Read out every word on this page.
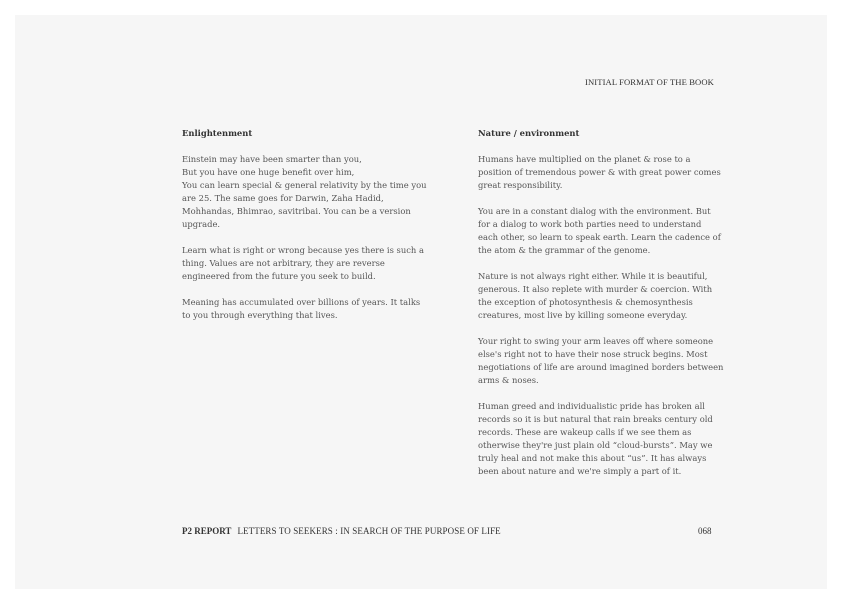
INITIAL FORMAT OF THE BOOK
Enlightenment

Einstein may have been smarter than you,
But you have one huge benefit over him,
You can learn special & general relativity by the time you are 25. The same goes for Darwin, Zaha Hadid, Mohhandas, Bhimrao, savitribai. You can be a version upgrade.

Learn what is right or wrong because yes there is such a thing. Values are not arbitrary, they are reverse engineered from the future you seek to build.

Meaning has accumulated over billions of years. It talks to you through everything that lives.

Nature / environment

Humans have multiplied on the planet & rose to a position of tremendous power & with great power comes great responsibility.

You are in a constant dialog with the environment. But for a dialog to work both parties need to understand each other, so learn to speak earth. Learn the cadence of the atom & the grammar of the genome.

Nature is not always right either. While it is beautiful, generous. It also replete with murder & coercion. With the exception of photosynthesis & chemosynthesis creatures, most live by killing someone everyday.

Your right to swing your arm leaves off where someone else's right not to have their nose struck begins. Most negotiations of life are around imagined borders between arms & noses.

Human greed and individualistic pride has broken all records so it is but natural that rain breaks century old records. These are wakeup calls if we see them as otherwise they're just plain old “cloud-bursts”. May we truly heal and not make this about “us”. It has always been about nature and we're simply a part of it.

P2 REPORT LETTERS TO SEEKERS : IN SEARCH OF THE PURPOSE OF LIFE	068
